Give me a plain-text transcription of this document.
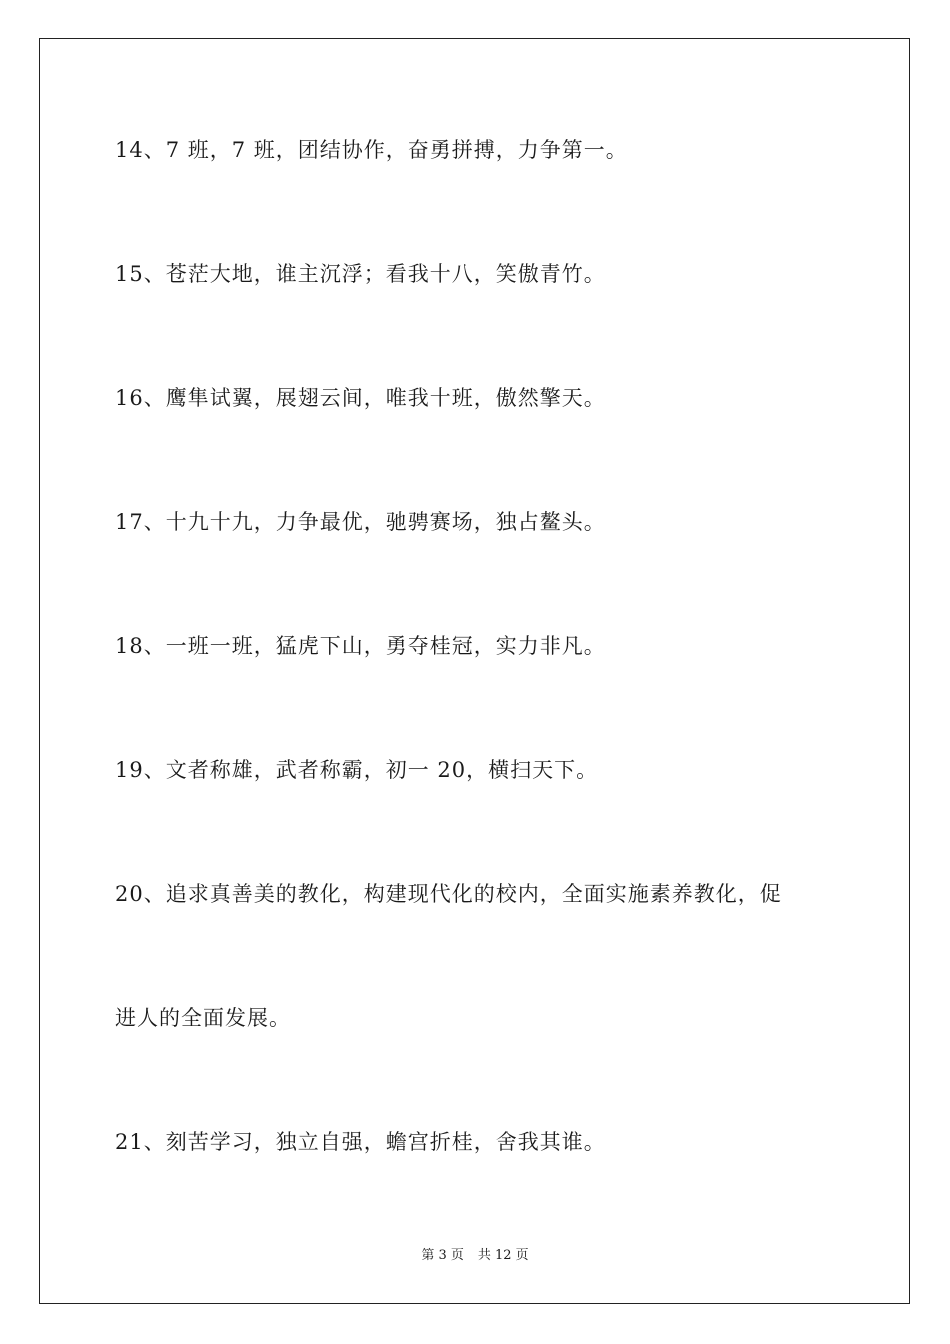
14、7 班，7 班，团结协作，奋勇拼搏，力争第一。
15、苍茫大地，谁主沉浮；看我十八，笑傲青竹。
16、鹰隼试翼，展翅云间，唯我十班，傲然擎天。
17、十九十九，力争最优，驰骋赛场，独占鳌头。
18、一班一班，猛虎下山，勇夺桂冠，实力非凡。
19、文者称雄，武者称霸，初一 20，横扫天下。
20、追求真善美的教化，构建现代化的校内，全面实施素养教化，促
进人的全面发展。
21、刻苦学习，独立自强，蟾宫折桂，舍我其谁。
第 3 页 共 12 页
